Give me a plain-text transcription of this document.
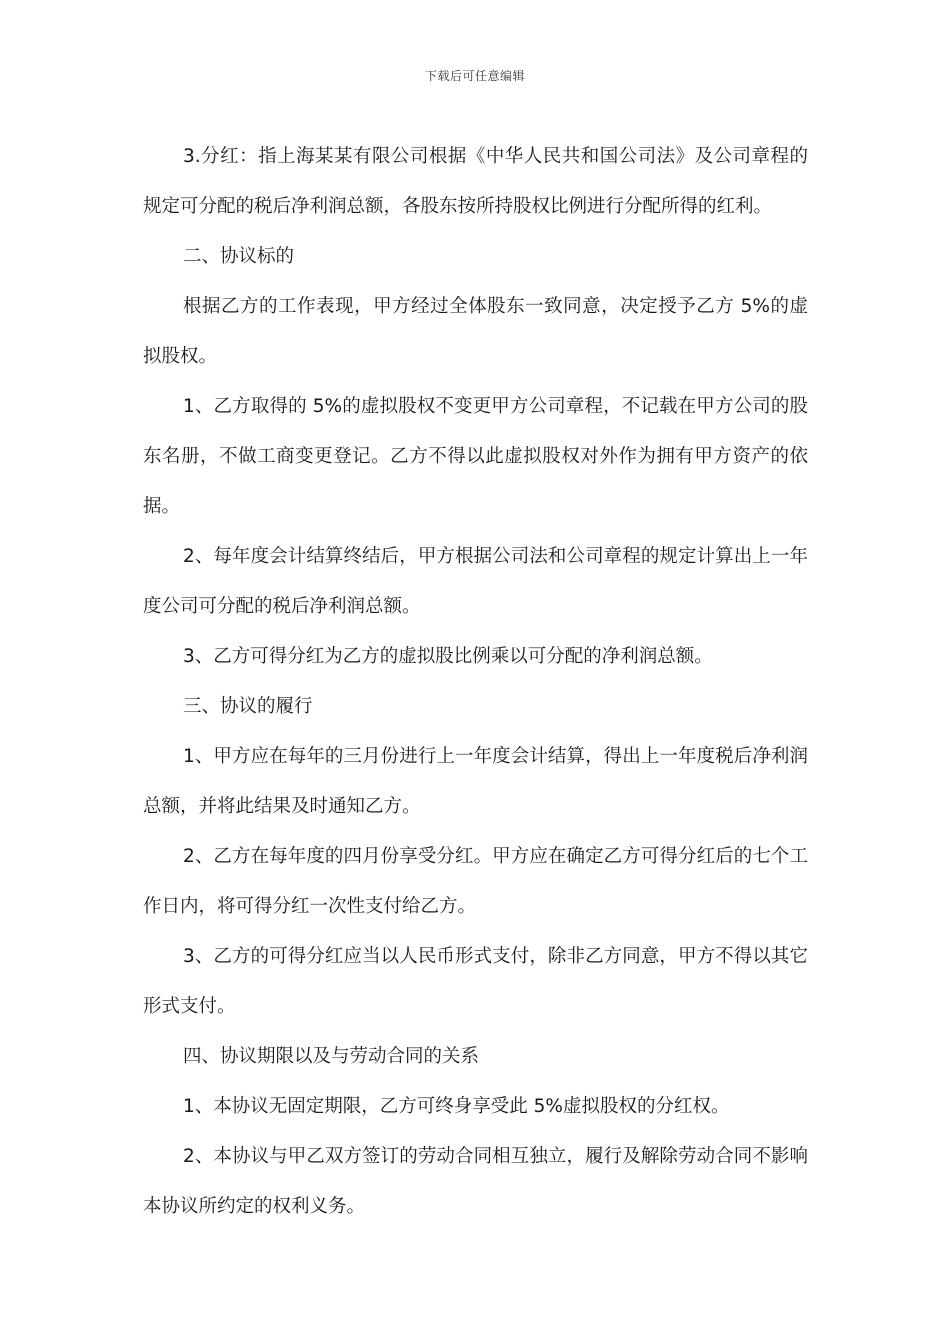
下载后可任意编辑

3.分红：指上海某某有限公司根据《中华人民共和国公司法》及公司章程的规定可分配的税后净利润总额，各股东按所持股权比例进行分配所得的红利。

二、协议标的

根据乙方的工作表现，甲方经过全体股东一致同意，决定授予乙方 5%的虚拟股权。

1、乙方取得的 5%的虚拟股权不变更甲方公司章程，不记载在甲方公司的股东名册，不做工商变更登记。乙方不得以此虚拟股权对外作为拥有甲方资产的依据。

2、每年度会计结算终结后，甲方根据公司法和公司章程的规定计算出上一年度公司可分配的税后净利润总额。

3、乙方可得分红为乙方的虚拟股比例乘以可分配的净利润总额。

三、协议的履行

1、甲方应在每年的三月份进行上一年度会计结算，得出上一年度税后净利润总额，并将此结果及时通知乙方。

2、乙方在每年度的四月份享受分红。甲方应在确定乙方可得分红后的七个工作日内，将可得分红一次性支付给乙方。

3、乙方的可得分红应当以人民币形式支付，除非乙方同意，甲方不得以其它形式支付。

四、协议期限以及与劳动合同的关系

1、本协议无固定期限，乙方可终身享受此 5%虚拟股权的分红权。

2、本协议与甲乙双方签订的劳动合同相互独立，履行及解除劳动合同不影响本协议所约定的权利义务。
